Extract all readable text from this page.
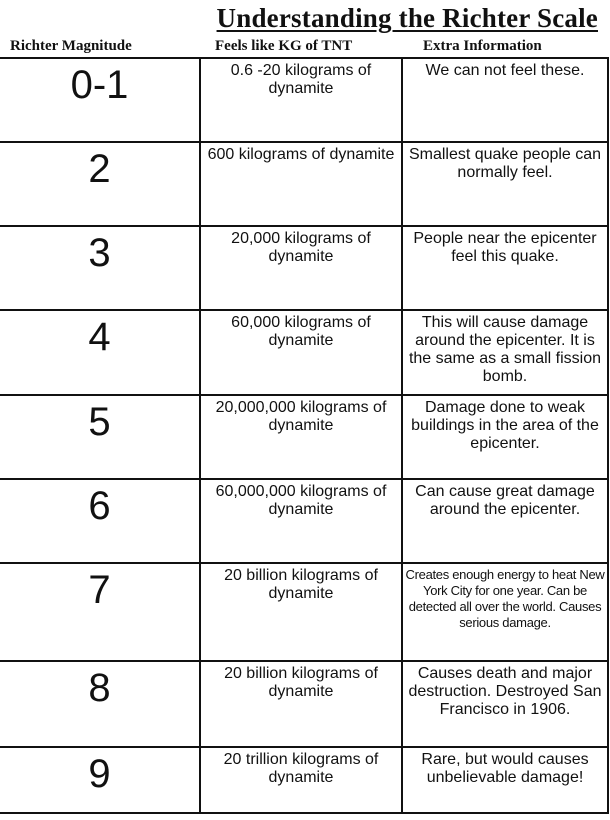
Understanding the Richter Scale
Richter Magnitude	Feels like KG of TNT	Extra Information
0-1	0.6 -20 kilograms of dynamite	We can not feel these.
2	600 kilograms of dynamite	Smallest quake people can normally feel.
3	20,000 kilograms of dynamite	People near the epicenter feel this quake.
4	60,000 kilograms of dynamite	This will cause damage around the epicenter. It is the same as a small fission bomb.
5	20,000,000 kilograms of dynamite	Damage done to weak buildings in the area of the epicenter.
6	60,000,000 kilograms of dynamite	Can cause great damage around the epicenter.
7	20 billion kilograms of dynamite	Creates enough energy to heat New York City for one year. Can be detected all over the world. Causes serious damage.
8	20 billion kilograms of dynamite	Causes death and major destruction. Destroyed San Francisco in 1906.
9	20 trillion kilograms of dynamite	Rare, but would causes unbelievable damage!
